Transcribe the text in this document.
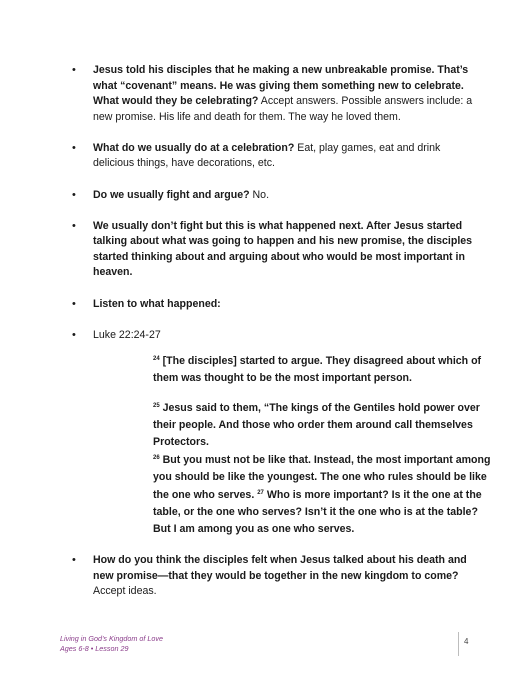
• Jesus told his disciples that he making a new unbreakable promise. That’s what “covenant” means. He was giving them something new to celebrate. What would they be celebrating? Accept answers. Possible answers include: a new promise. His life and death for them. The way he loved them.
• What do we usually do at a celebration? Eat, play games, eat and drink delicious things, have decorations, etc.
• Do we usually fight and argue? No.
• We usually don’t fight but this is what happened next. After Jesus started talking about what was going to happen and his new promise, the disciples started thinking about and arguing about who would be most important in heaven.
• Listen to what happened:
• Luke 22:24-27

$^{24}$ [The disciples] started to argue. They disagreed about which of them was thought to be the most important person.

$^{25}$ Jesus said to them, “The kings of the Gentiles hold power over their people. And those who order them around call themselves Protectors.
$^{26}$ But you must not be like that. Instead, the most important among you should be like the youngest. The one who rules should be like the one who serves. $^{27}$ Who is more important? Is it the one at the table, or the one who serves? Isn’t it the one who is at the table? But I am among you as one who serves.

• How do you think the disciples felt when Jesus talked about his death and new promise—that they would be together in the new kingdom to come? Accept ideas.
Living in God’s Kingdom of Love
Ages 6-8 • Lesson 29
4
